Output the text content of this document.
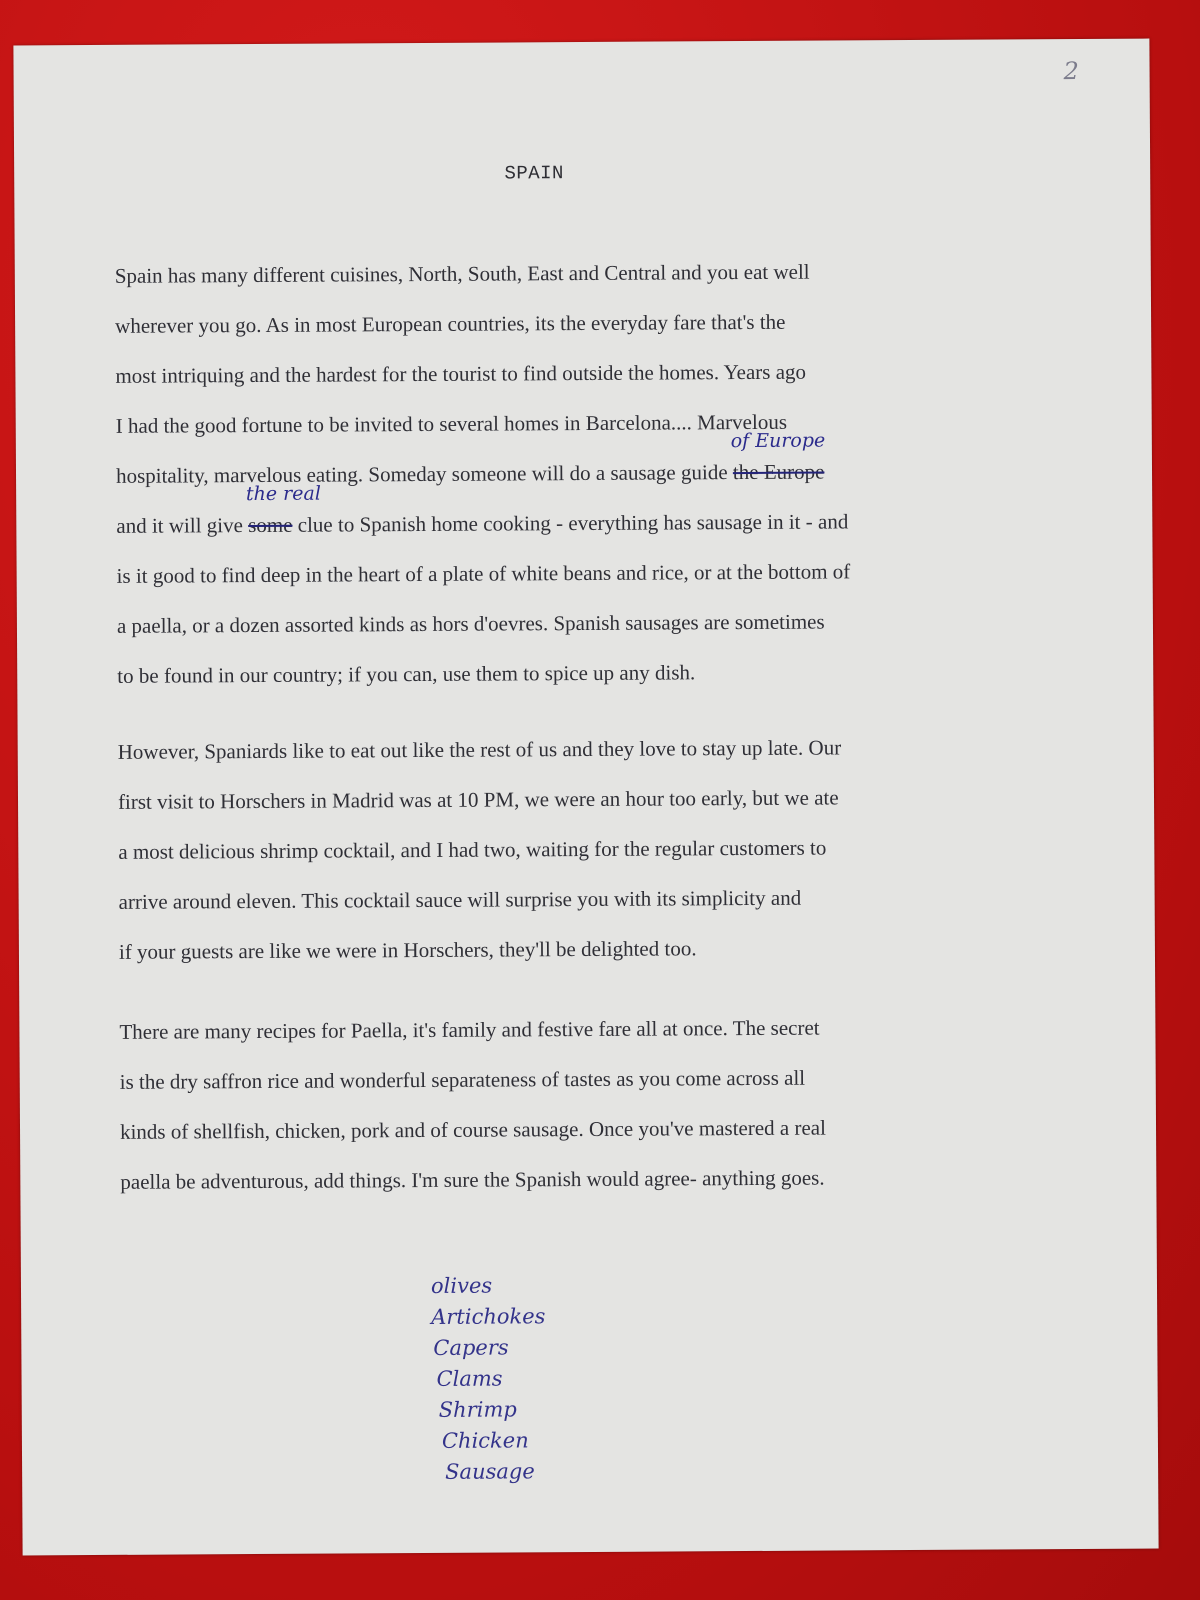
2
SPAIN
Spain has many different cuisines, North, South, East and Central and you eat well
wherever you go. As in most European countries, its the everyday fare that's the
most intriquing and the hardest for the tourist to find outside the homes. Years ago
I had the good fortune to be invited to several homes in Barcelona.... Marvelous
hospitality, marvelous eating. Someday someone will do a sausage guide
of Europe
the Europe
and it will give
the real
some clue to Spanish home cooking - everything has sausage in it - and
is it good to find deep in the heart of a plate of white beans and rice, or at the bottom of
a paella, or a dozen assorted kinds as hors d'oevres. Spanish sausages are sometimes
to be found in our country; if you can, use them to spice up any dish.
However, Spaniards like to eat out like the rest of us and they love to stay up late. Our
first visit to Horschers in Madrid was at 10 PM, we were an hour too early, but we ate
a most delicious shrimp cocktail, and I had two, waiting for the regular customers to
arrive around eleven. This cocktail sauce will surprise you with its simplicity and
if your guests are like we were in Horschers, they'll be delighted too.
There are many recipes for Paella, it's family and festive fare all at once. The secret
is the dry saffron rice and wonderful separateness of tastes as you come across all
kinds of shellfish, chicken, pork and of course sausage. Once you've mastered a real
paella be adventurous, add things. I'm sure the Spanish would agree- anything goes.
olives
Artichokes
Capers
Clams
Shrimp
Chicken
Sausage
